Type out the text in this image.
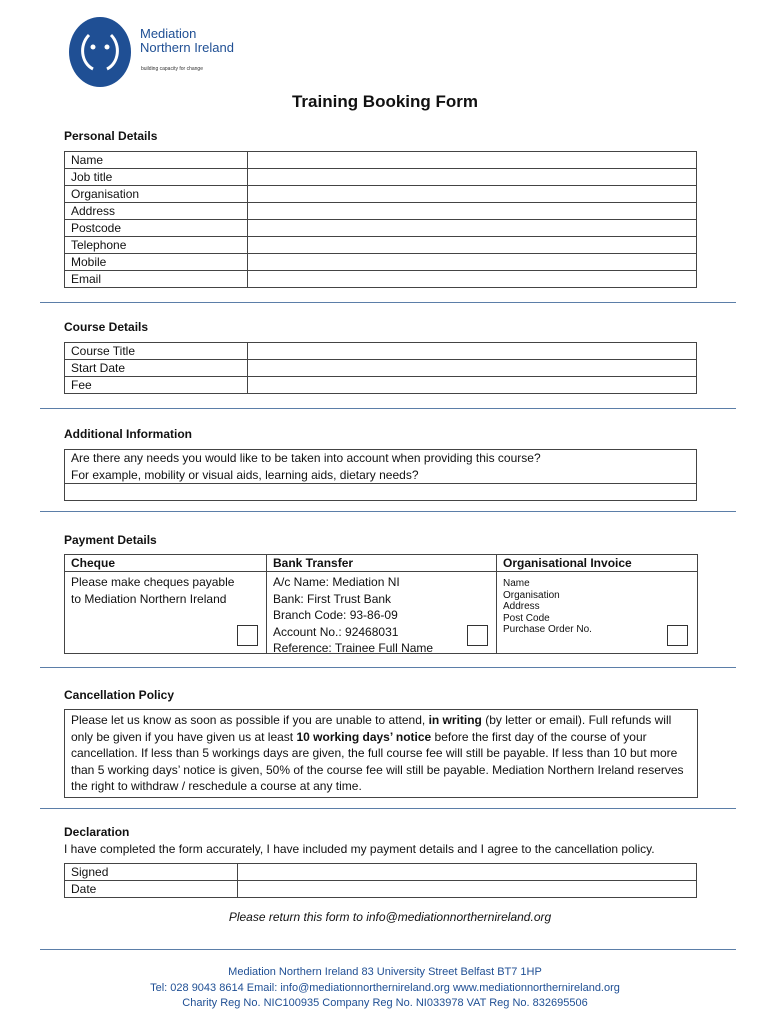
Mediation
Northern Ireland
building capacity for change
Training Booking Form
Personal Details
Name	
Job title	
Organisation	
Address	
Postcode	
Telephone	
Mobile	
Email	
Course Details
Course Title	
Start Date	
Fee	
Additional Information
Are there any needs you would like to be taken into account when providing this course?
For example, mobility or visual aids, learning aids, dietary needs?

Payment Details
Cheque
Please make cheques payable
to Mediation Northern Ireland
Bank Transfer
A/c Name: Mediation NI
Bank: First Trust Bank
Branch Code: 93-86-09
Account No.: 92468031
Reference: Trainee Full Name
Organisational Invoice
Name
Organisation
Address
Post Code
Purchase Order No.
Cancellation Policy
Please let us know as soon as possible if you are unable to attend, in writing (by letter or email). Full refunds will only be given if you have given us at least 10 working days’ notice before the first day of the course of your cancellation. If less than 5 workings days are given, the full course fee will still be payable. If less than 10 but more than 5 working days’ notice is given, 50% of the course fee will still be payable. Mediation Northern Ireland reserves the right to withdraw / reschedule a course at any time.
Declaration
I have completed the form accurately, I have included my payment details and I agree to the cancellation policy.
Signed	
Date	
Please return this form to info@mediationnorthernireland.org
Mediation Northern Ireland 83 University Street Belfast BT7 1HP
Tel: 028 9043 8614 Email: info@mediationnorthernireland.org www.mediationnorthernireland.org
Charity Reg No. NIC100935 Company Reg No. NI033978 VAT Reg No. 832695506
